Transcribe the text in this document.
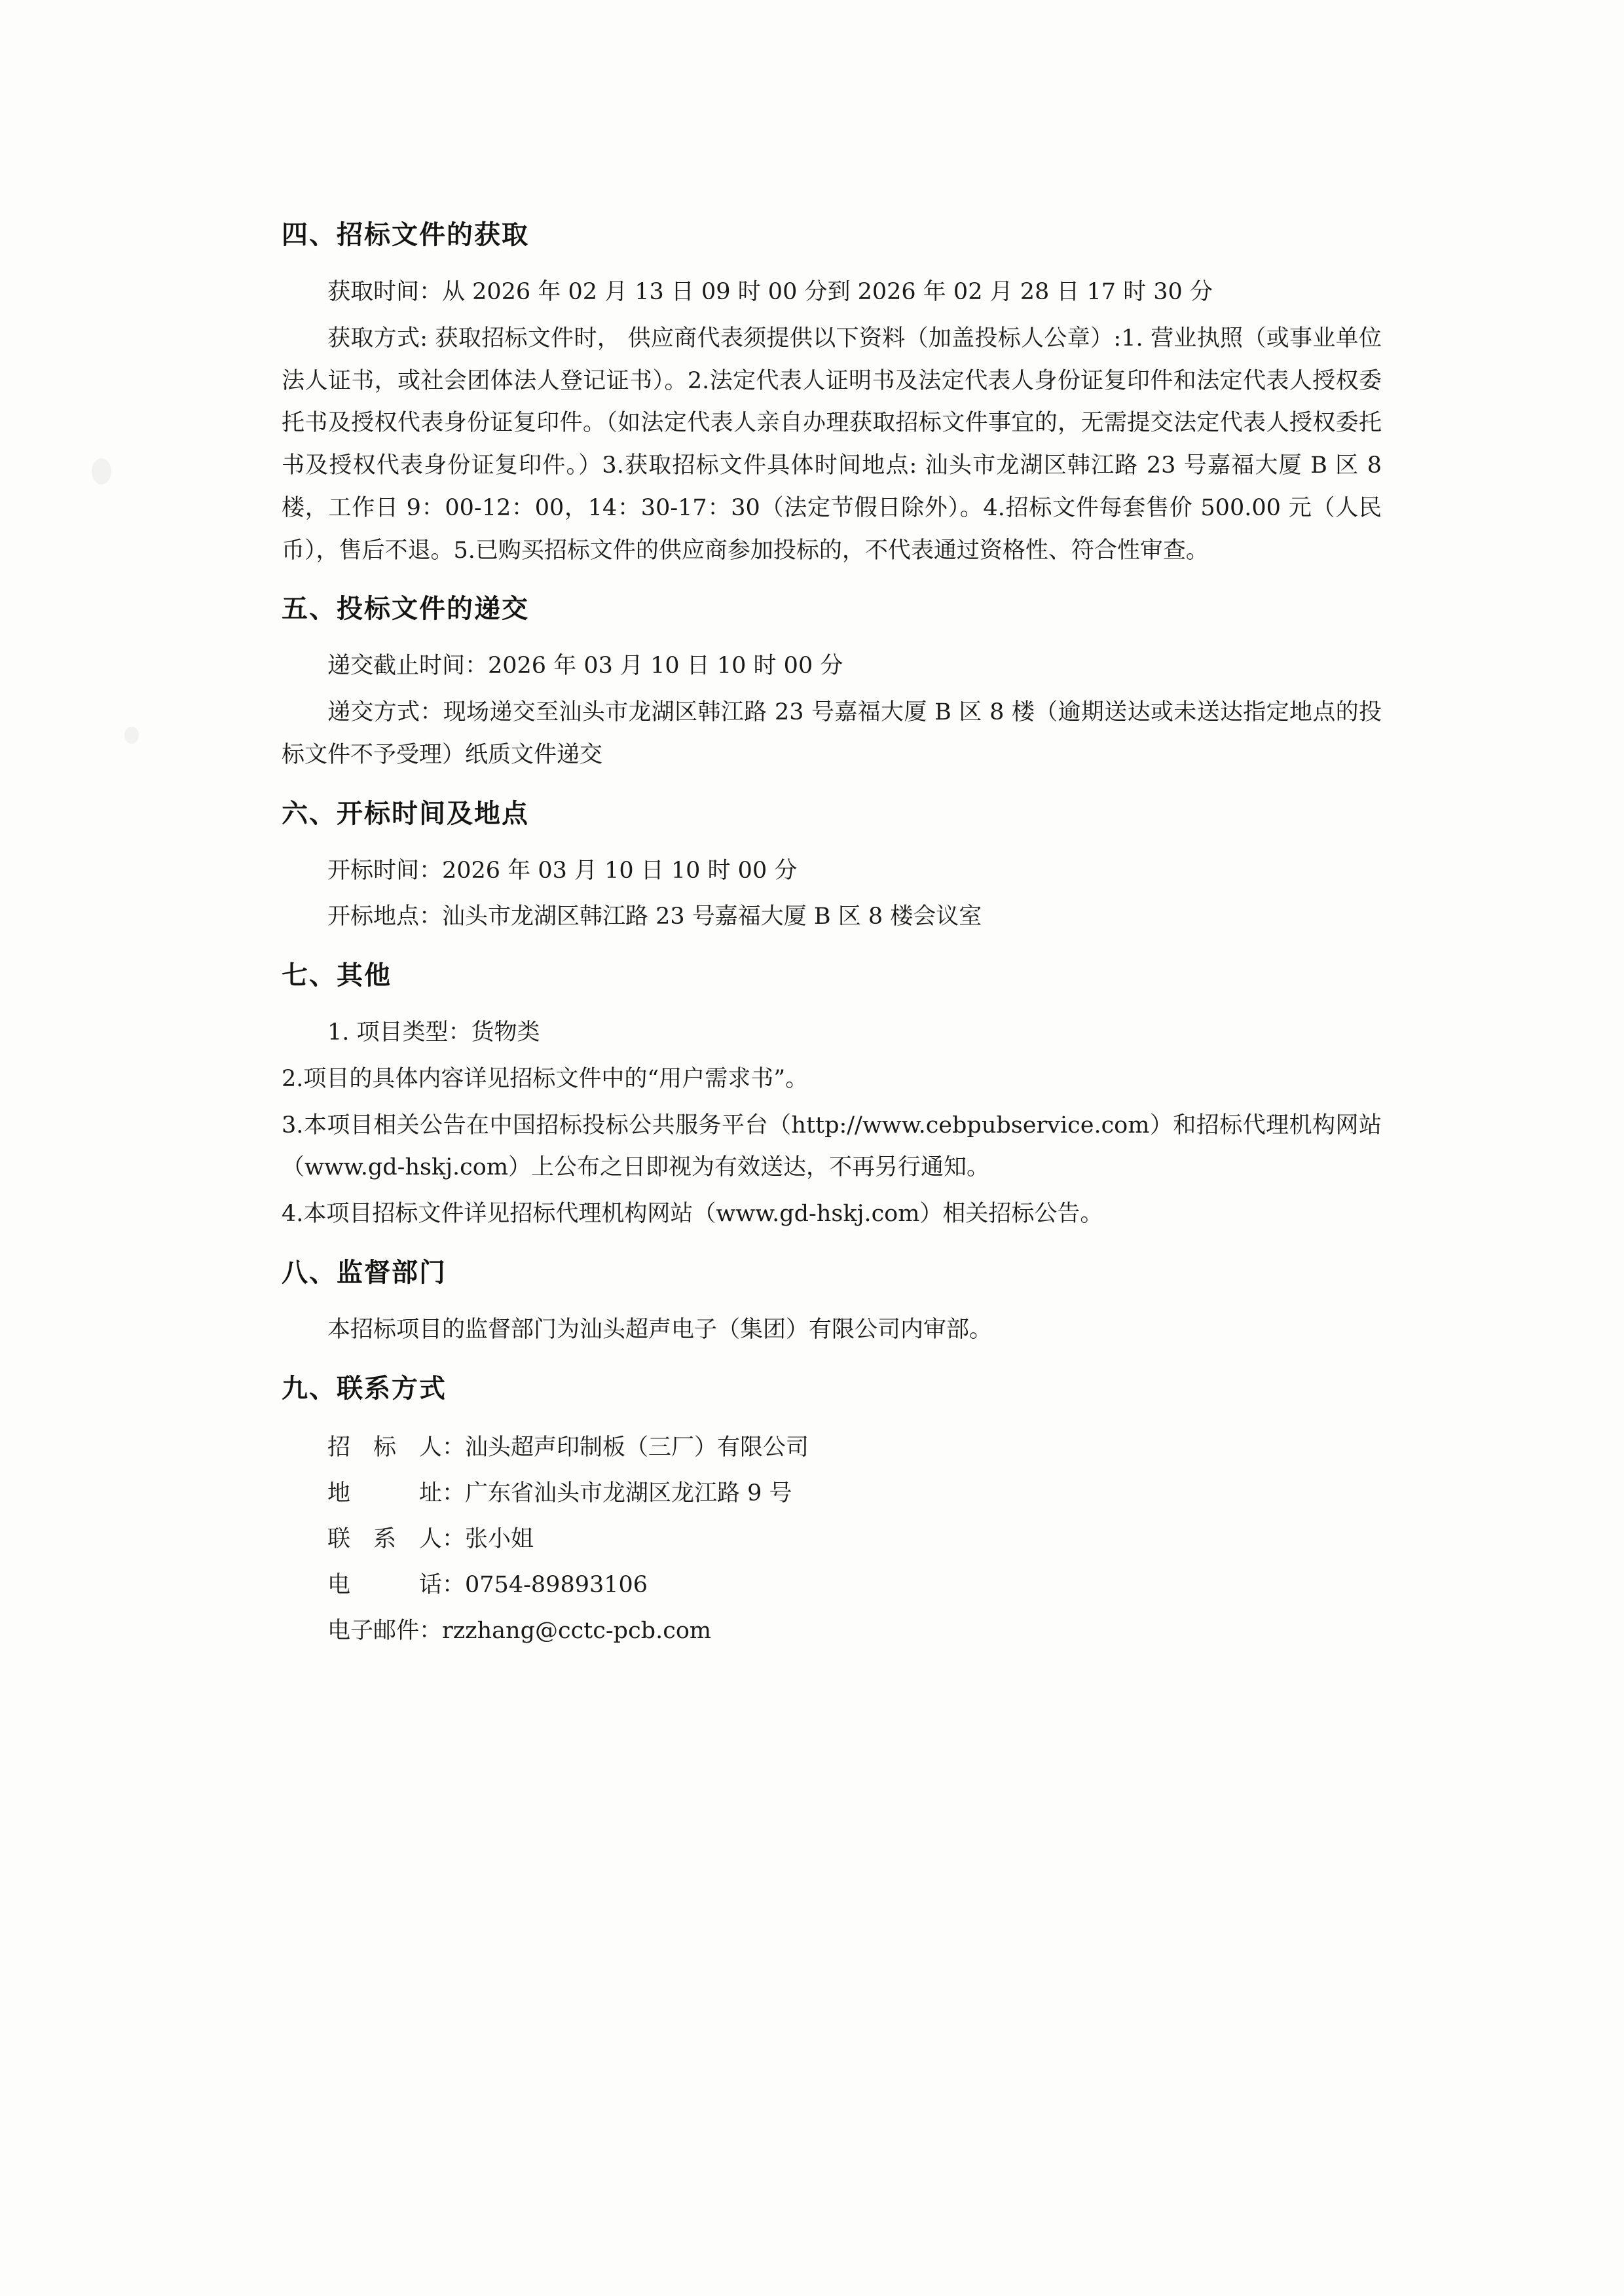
四、招标文件的获取

获取时间：从 2026 年 02 月 13 日 09 时 00 分到 2026 年 02 月 28 日 17 时 30 分

获取方式: 获取招标文件时， 供应商代表须提供以下资料（加盖投标人公章）:1. 营业执照（或事业单位法人证书，或社会团体法人登记证书）。2.法定代表人证明书及法定代表人身份证复印件和法定代表人授权委托书及授权代表身份证复印件。（如法定代表人亲自办理获取招标文件事宜的，无需提交法定代表人授权委托书及授权代表身份证复印件。）3.获取招标文件具体时间地点: 汕头市龙湖区韩江路 23 号嘉福大厦 B 区 8 楼，工作日 9：00-12：00，14：30-17：30（法定节假日除外）。4.招标文件每套售价 500.00 元（人民币），售后不退。5.已购买招标文件的供应商参加投标的，不代表通过资格性、符合性审查。

五、投标文件的递交

递交截止时间：2026 年 03 月 10 日 10 时 00 分

递交方式：现场递交至汕头市龙湖区韩江路 23 号嘉福大厦 B 区 8 楼（逾期送达或未送达指定地点的投标文件不予受理）纸质文件递交

六、开标时间及地点

开标时间：2026 年 03 月 10 日 10 时 00 分

开标地点：汕头市龙湖区韩江路 23 号嘉福大厦 B 区 8 楼会议室

七、其他

1. 项目类型：货物类

2.项目的具体内容详见招标文件中的“用户需求书”。

3.本项目相关公告在中国招标投标公共服务平台（http://www.cebpubservice.com）和招标代理机构网站（www.gd-hskj.com）上公布之日即视为有效送达，不再另行通知。

4.本项目招标文件详见招标代理机构网站（www.gd-hskj.com）相关招标公告。

八、监督部门

本招标项目的监督部门为汕头超声电子（集团）有限公司内审部。

九、联系方式

招　标　人：汕头超声印制板（三厂）有限公司

地　　　址：广东省汕头市龙湖区龙江路 9 号

联　系　人：张小姐

电　　　话：0754-89893106

电子邮件：rzzhang@cctc-pcb.com
